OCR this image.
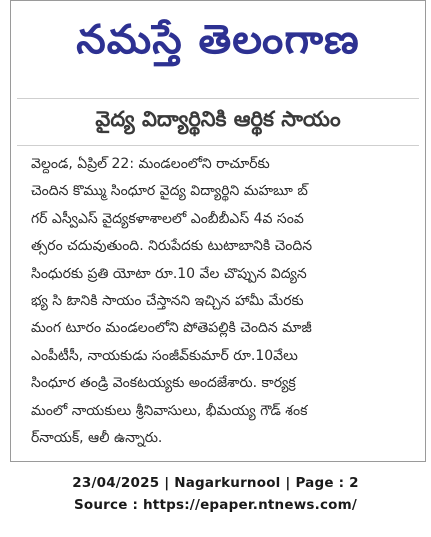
నమస్తే తెలంగాణ
వైద్య విద్యార్థినికి ఆర్థిక సాయం
వెల్దండ, ఏప్రిల్ 22: మండలంలోని రాచూర్‌కు
చెందిన కొమ్ము సింధూర వైద్య విద్యార్థిని మహబూ బ్
గర్ ఎస్వీఎస్ వైద్యకళాశాలలో ఎంబీబీఎస్ 4వ సంవ
త్సరం చదువుతుంది. నిరుపేదకు టుటాబానికి చెందిన
సింధురకు ప్రతి యోటా రూ.10 వేల చొప్పున విద్యన
భ్య సి ఓానికి సాయం చేస్తానని ఇచ్చిన హామీ మేరకు
మంగ టూరం మండలంలోని పోతెపల్లికి చెందిన మాజీ
ఎంపీటీసీ, నాయకుడు సంజీవ్‌కుమార్ రూ.10వేలు
సింధూర తండ్రి వెంకటయ్యకు అందజేశారు. కార్యక్ర
మంలో నాయకులు శ్రీనివాసులు, భీమయ్య గౌడ్ శంక
ర్‌నాయక్, ఆలీ ఉన్నారు.
23/04/2025 | Nagarkurnool | Page : 2
Source : https://epaper.ntnews.com/
